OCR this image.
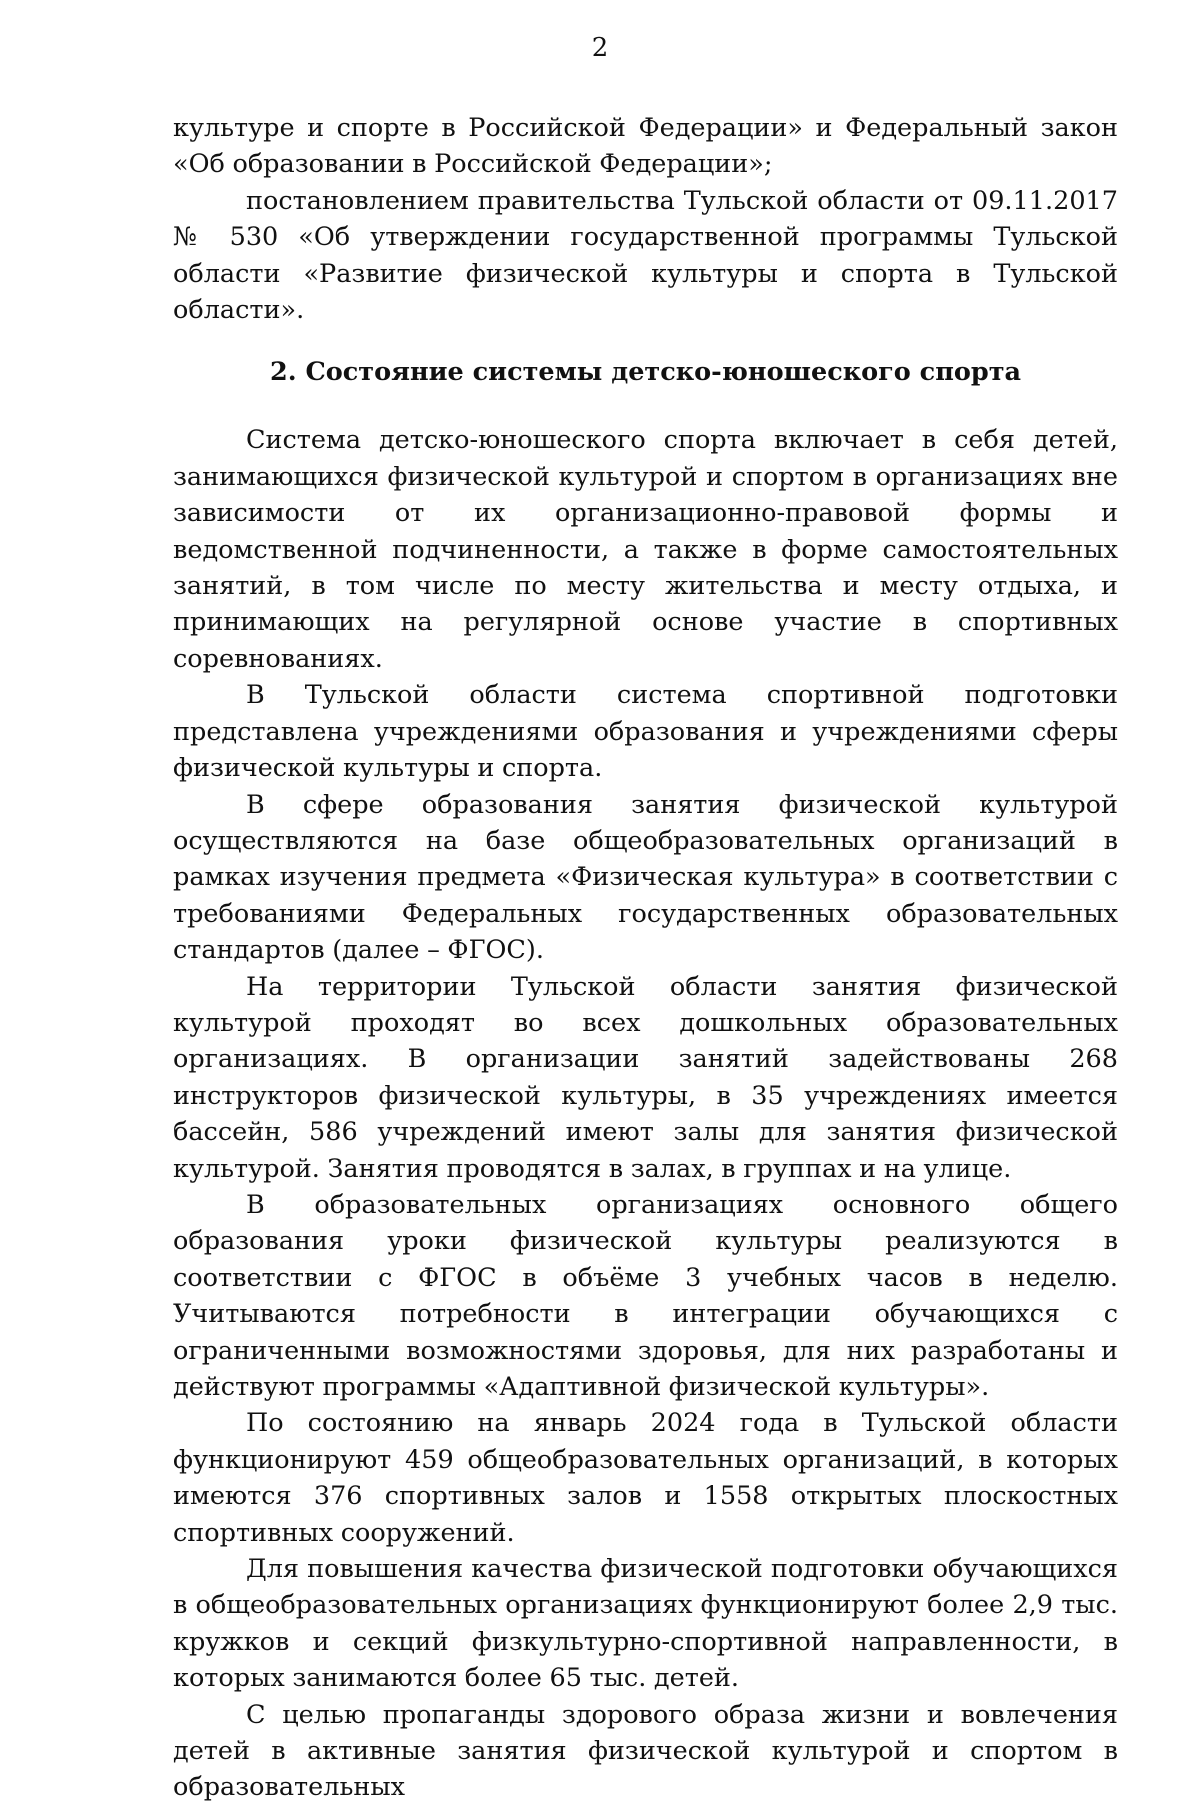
2

культуре и спорте в Российской Федерации» и Федеральный закон «Об образовании в Российской Федерации»;

постановлением правительства Тульской области от 09.11.2017 № 530 «Об утверждении государственной программы Тульской области «Развитие физической культуры и спорта в Тульской области».

2. Состояние системы детско-юношеского спорта

Система детско-юношеского спорта включает в себя детей, занимающихся физической культурой и спортом в организациях вне зависимости от их организационно-правовой формы и ведомственной подчиненности, а также в форме самостоятельных занятий, в том числе по месту жительства и месту отдыха, и принимающих на регулярной основе участие в спортивных соревнованиях.

В Тульской области система спортивной подготовки представлена учреждениями образования и учреждениями сферы физической культуры и спорта.

В сфере образования занятия физической культурой осуществляются на базе общеобразовательных организаций в рамках изучения предмета «Физическая культура» в соответствии с требованиями Федеральных государственных образовательных стандартов (далее – ФГОС).

На территории Тульской области занятия физической культурой проходят во всех дошкольных образовательных организациях. В организации занятий задействованы 268 инструкторов физической культуры, в 35 учреждениях имеется бассейн, 586 учреждений имеют залы для занятия физической культурой. Занятия проводятся в залах, в группах и на улице.

В образовательных организациях основного общего образования уроки физической культуры реализуются в соответствии с ФГОС в объёме 3 учебных часов в неделю. Учитываются потребности в интеграции обучающихся с ограниченными возможностями здоровья, для них разработаны и действуют программы «Адаптивной физической культуры».

По состоянию на январь 2024 года в Тульской области функционируют 459 общеобразовательных организаций, в которых имеются 376 спортивных залов и 1558 открытых плоскостных спортивных сооружений.

Для повышения качества физической подготовки обучающихся в общеобразовательных организациях функционируют более 2,9 тыс. кружков и секций физкультурно-спортивной направленности, в которых занимаются более 65 тыс. детей.

С целью пропаганды здорового образа жизни и вовлечения детей в активные занятия физической культурой и спортом в образовательных
